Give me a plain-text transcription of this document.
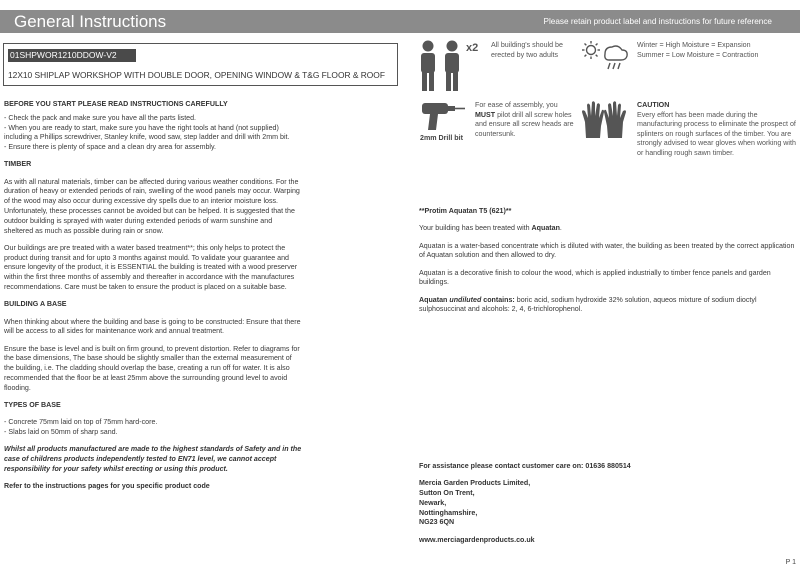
General Instructions	Please retain product label and instructions for future reference
01SHPWOR1210DDOW-V2
12X10 SHIPLAP WORKSHOP WITH DOUBLE DOOR, OPENING WINDOW & T&G FLOOR & ROOF
x2 All building's should be erected by two adults

Winter = High Moisture = Expansion

Summer = Low Moisture = Contraction

2mm Drill bit
For ease of assembly, you MUST pilot drill all screw holes and ensure all screw heads are countersunk.

CAUTION

Every effort has been made during the manufacturing process to eliminate the prospect of splinters on rough surfaces of the timber. You are strongly advised to wear gloves when working with or handling rough sawn timber.

BEFORE YOU START PLEASE READ INSTRUCTIONS CAREFULLY

- Check the pack and make sure you have all the parts listed.

- When you are ready to start, make sure you have the right tools at hand (not supplied) including a Phillips screwdriver, Stanley knife, wood saw, step ladder and drill with 2mm bit.

- Ensure there is plenty of space and a clean dry area for assembly.

TIMBER

As with all natural materials, timber can be affected during various weather conditions. For the duration of heavy or extended periods of rain, swelling of the wood panels may occur. Warping of the wood may also occur during excessive dry spells due to an interior moisture loss. Unfortunately, these processes cannot be avoided but can be helped. It is suggested that the outdoor building is sprayed with water during extended periods of warm sunshine and sheltered as much as possible during rain or snow.

Our buildings are pre treated with a water based treatment**; this only helps to protect the product during transit and for upto 3 months against mould. To validate your guarantee and ensure longevity of the product, it is ESSENTIAL the building is treated with a wood preserver within the first three months of assembly and thereafter in accordance with the manufactures recommendations. Care must be taken to ensure the product is placed on a suitable base.

BUILDING A BASE

When thinking about where the building and base is going to be constructed: Ensure that there will be access to all sides for maintenance work and annual treatment.

Ensure the base is level and is built on firm ground, to prevent distortion. Refer to diagrams for the base dimensions, The base should be slightly smaller than the external measurement of the building, i.e. The cladding should overlap the base, creating a run off for water. It is also recommended that the floor be at least 25mm above the surrounding ground level to avoid flooding.

TYPES OF BASE

- Concrete 75mm laid on top of 75mm hard-core.

- Slabs laid on 50mm of sharp sand.

Whilst all products manufactured are made to the highest standards of Safety and in the case of childrens products independently tested to EN71 level, we cannot accept responsibility for your safety whilst erecting or using this product.

Refer to the instructions pages for you specific product code

**Protim Aquatan T5 (621)**

Your building has been treated with Aquatan.

Aquatan is a water-based concentrate which is diluted with water, the building as been treated by the correct application of Aquatan solution and then allowed to dry.

Aquatan is a decorative finish to colour the wood, which is applied industrially to timber fence panels and garden buildings.

Aquatan undiluted contains: boric acid, sodium hydroxide 32% solution, aqueos mixture of sodium dioctyl sulphosuccinat and alcohols: 2, 4, 6-trichlorophenol.

For assistance please contact customer care on: 01636 880514

Mercia Garden Products Limited,

Sutton On Trent,

Newark,

Nottinghamshire,

NG23 6QN

www.merciagardenproducts.co.uk

P 1
